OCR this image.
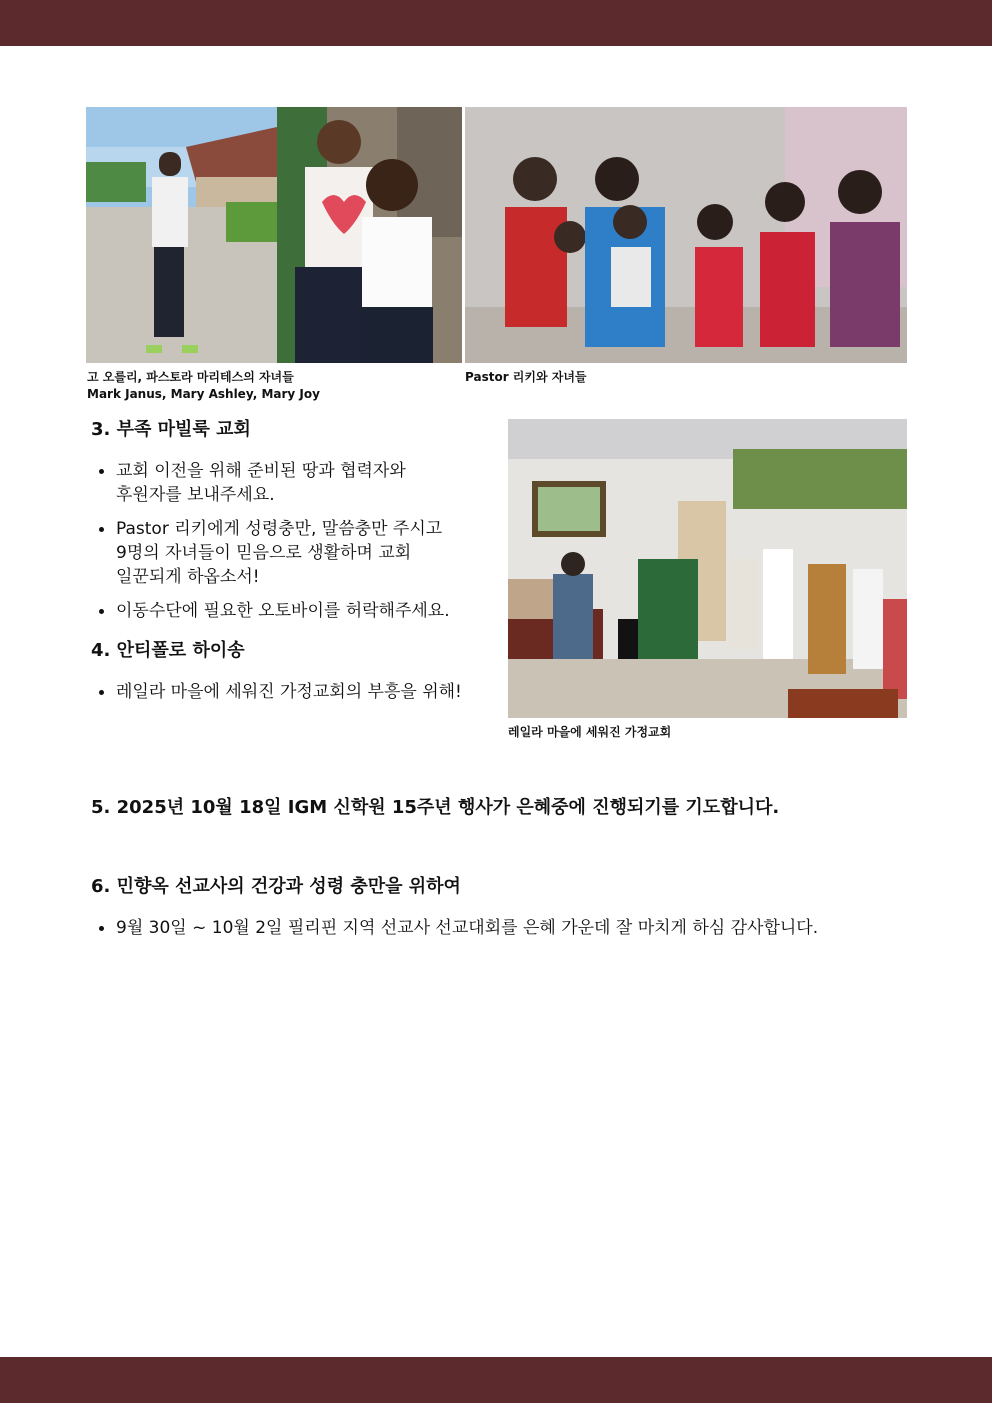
고 오를리, 파스토라 마리테스의 자녀들
Mark Janus, Mary Ashley, Mary Joy
Pastor 리키와 자녀들
3. 부족 마빌룩 교회
교회 이전을 위해 준비된 땅과 협력자와
후원자를 보내주세요.
Pastor 리키에게 성령충만, 말씀충만 주시고
9명의 자녀들이 믿음으로 생활하며 교회
일꾼되게 하옵소서!
이동수단에 필요한 오토바이를 허락해주세요.
4. 안티폴로 하이송
레일라 마을에 세워진 가정교회의 부흥을 위해!
레일라 마을에 세워진 가정교회
5. 2025년 10월 18일 IGM 신학원 15주년 행사가 은혜중에 진행되기를 기도합니다.
6. 민향옥 선교사의 건강과 성령 충만을 위하여
9월 30일 ~ 10월 2일 필리핀 지역 선교사 선교대회를 은혜 가운데 잘 마치게 하심 감사합니다.
